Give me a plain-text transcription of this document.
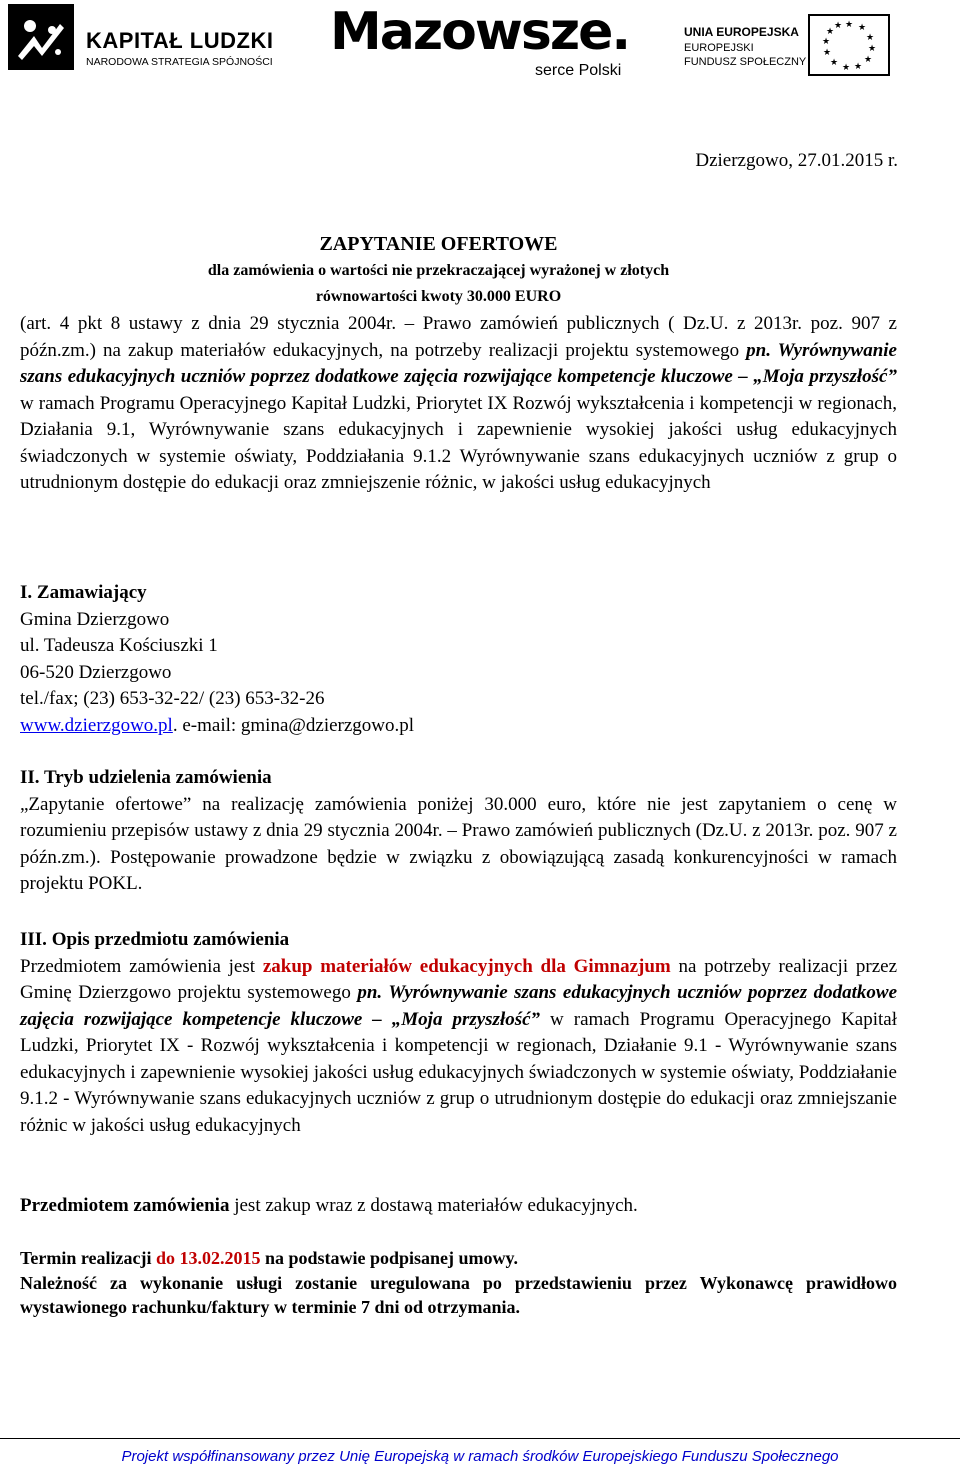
KAPITAŁ LUDZKI
NARODOWA STRATEGIA SPÓJNOŚCI Mazowsze.
serce Polski
UNIA EUROPEJSKA
EUROPEJSKI
FUNDUSZ SPOŁECZNY
★ ★
★
★
★
★
★
★
★
★
★
★
Dzierzgowo, 27.01.2015 r.
ZAPYTANIE OFERTOWE
dla zamówienia o wartości nie przekraczającej wyrażonej w złotych
równowartości kwoty 30.000 EURO
(art. 4 pkt 8 ustawy z dnia 29 stycznia 2004r. – Prawo zamówień publicznych ( Dz.U. z 2013r. poz. 907 z późn.zm.) na zakup materiałów edukacyjnych, na potrzeby realizacji projektu systemowego pn. Wyrównywanie szans edukacyjnych uczniów poprzez dodatkowe zajęcia rozwijające kompetencje kluczowe – „Moja przyszłość” w ramach Programu Operacyjnego Kapitał Ludzki, Priorytet IX Rozwój wykształcenia i kompetencji w regionach, Działania 9.1, Wyrównywanie szans edukacyjnych i zapewnienie wysokiej jakości usług edukacyjnych świadczonych w systemie oświaty, Poddziałania 9.1.2 Wyrównywanie szans edukacyjnych uczniów z grup o utrudnionym dostępie do edukacji oraz zmniejszenie różnic, w jakości usług edukacyjnych
I. Zamawiający
Gmina Dzierzgowo
ul. Tadeusza Kościuszki 1
06-520 Dzierzgowo
tel./fax; (23) 653-32-22/ (23) 653-32-26
www.dzierzgowo.pl. e-mail: gmina@dzierzgowo.pl
II. Tryb udzielenia zamówienia
„Zapytanie ofertowe” na realizację zamówienia poniżej 30.000 euro, które nie jest zapytaniem o cenę w rozumieniu przepisów ustawy z dnia 29 stycznia 2004r. – Prawo zamówień publicznych (Dz.U. z 2013r. poz. 907 z późn.zm.). Postępowanie prowadzone będzie w związku z obowiązującą zasadą konkurencyjności w ramach projektu POKL.
III. Opis przedmiotu zamówienia
Przedmiotem zamówienia jest zakup materiałów edukacyjnych dla Gimnazjum na potrzeby realizacji przez Gminę Dzierzgowo projektu systemowego pn. Wyrównywanie szans edukacyjnych uczniów poprzez dodatkowe zajęcia rozwijające kompetencje kluczowe – „Moja przyszłość” w ramach Programu Operacyjnego Kapitał Ludzki, Priorytet IX - Rozwój wykształcenia i kompetencji w regionach, Działanie 9.1 - Wyrównywanie szans edukacyjnych i zapewnienie wysokiej jakości usług edukacyjnych świadczonych w systemie oświaty, Poddziałanie 9.1.2 - Wyrównywanie szans edukacyjnych uczniów z grup o utrudnionym dostępie do edukacji oraz zmniejszanie różnic w jakości usług edukacyjnych
Przedmiotem zamówienia jest zakup wraz z dostawą materiałów edukacyjnych.
Termin realizacji do 13.02.2015 na podstawie podpisanej umowy.
Należność za wykonanie usługi zostanie uregulowana po przedstawieniu przez Wykonawcę prawidłowo wystawionego rachunku/faktury w terminie 7 dni od otrzymania.
Projekt współfinansowany przez Unię Europejską w ramach środków Europejskiego Funduszu Społecznego
